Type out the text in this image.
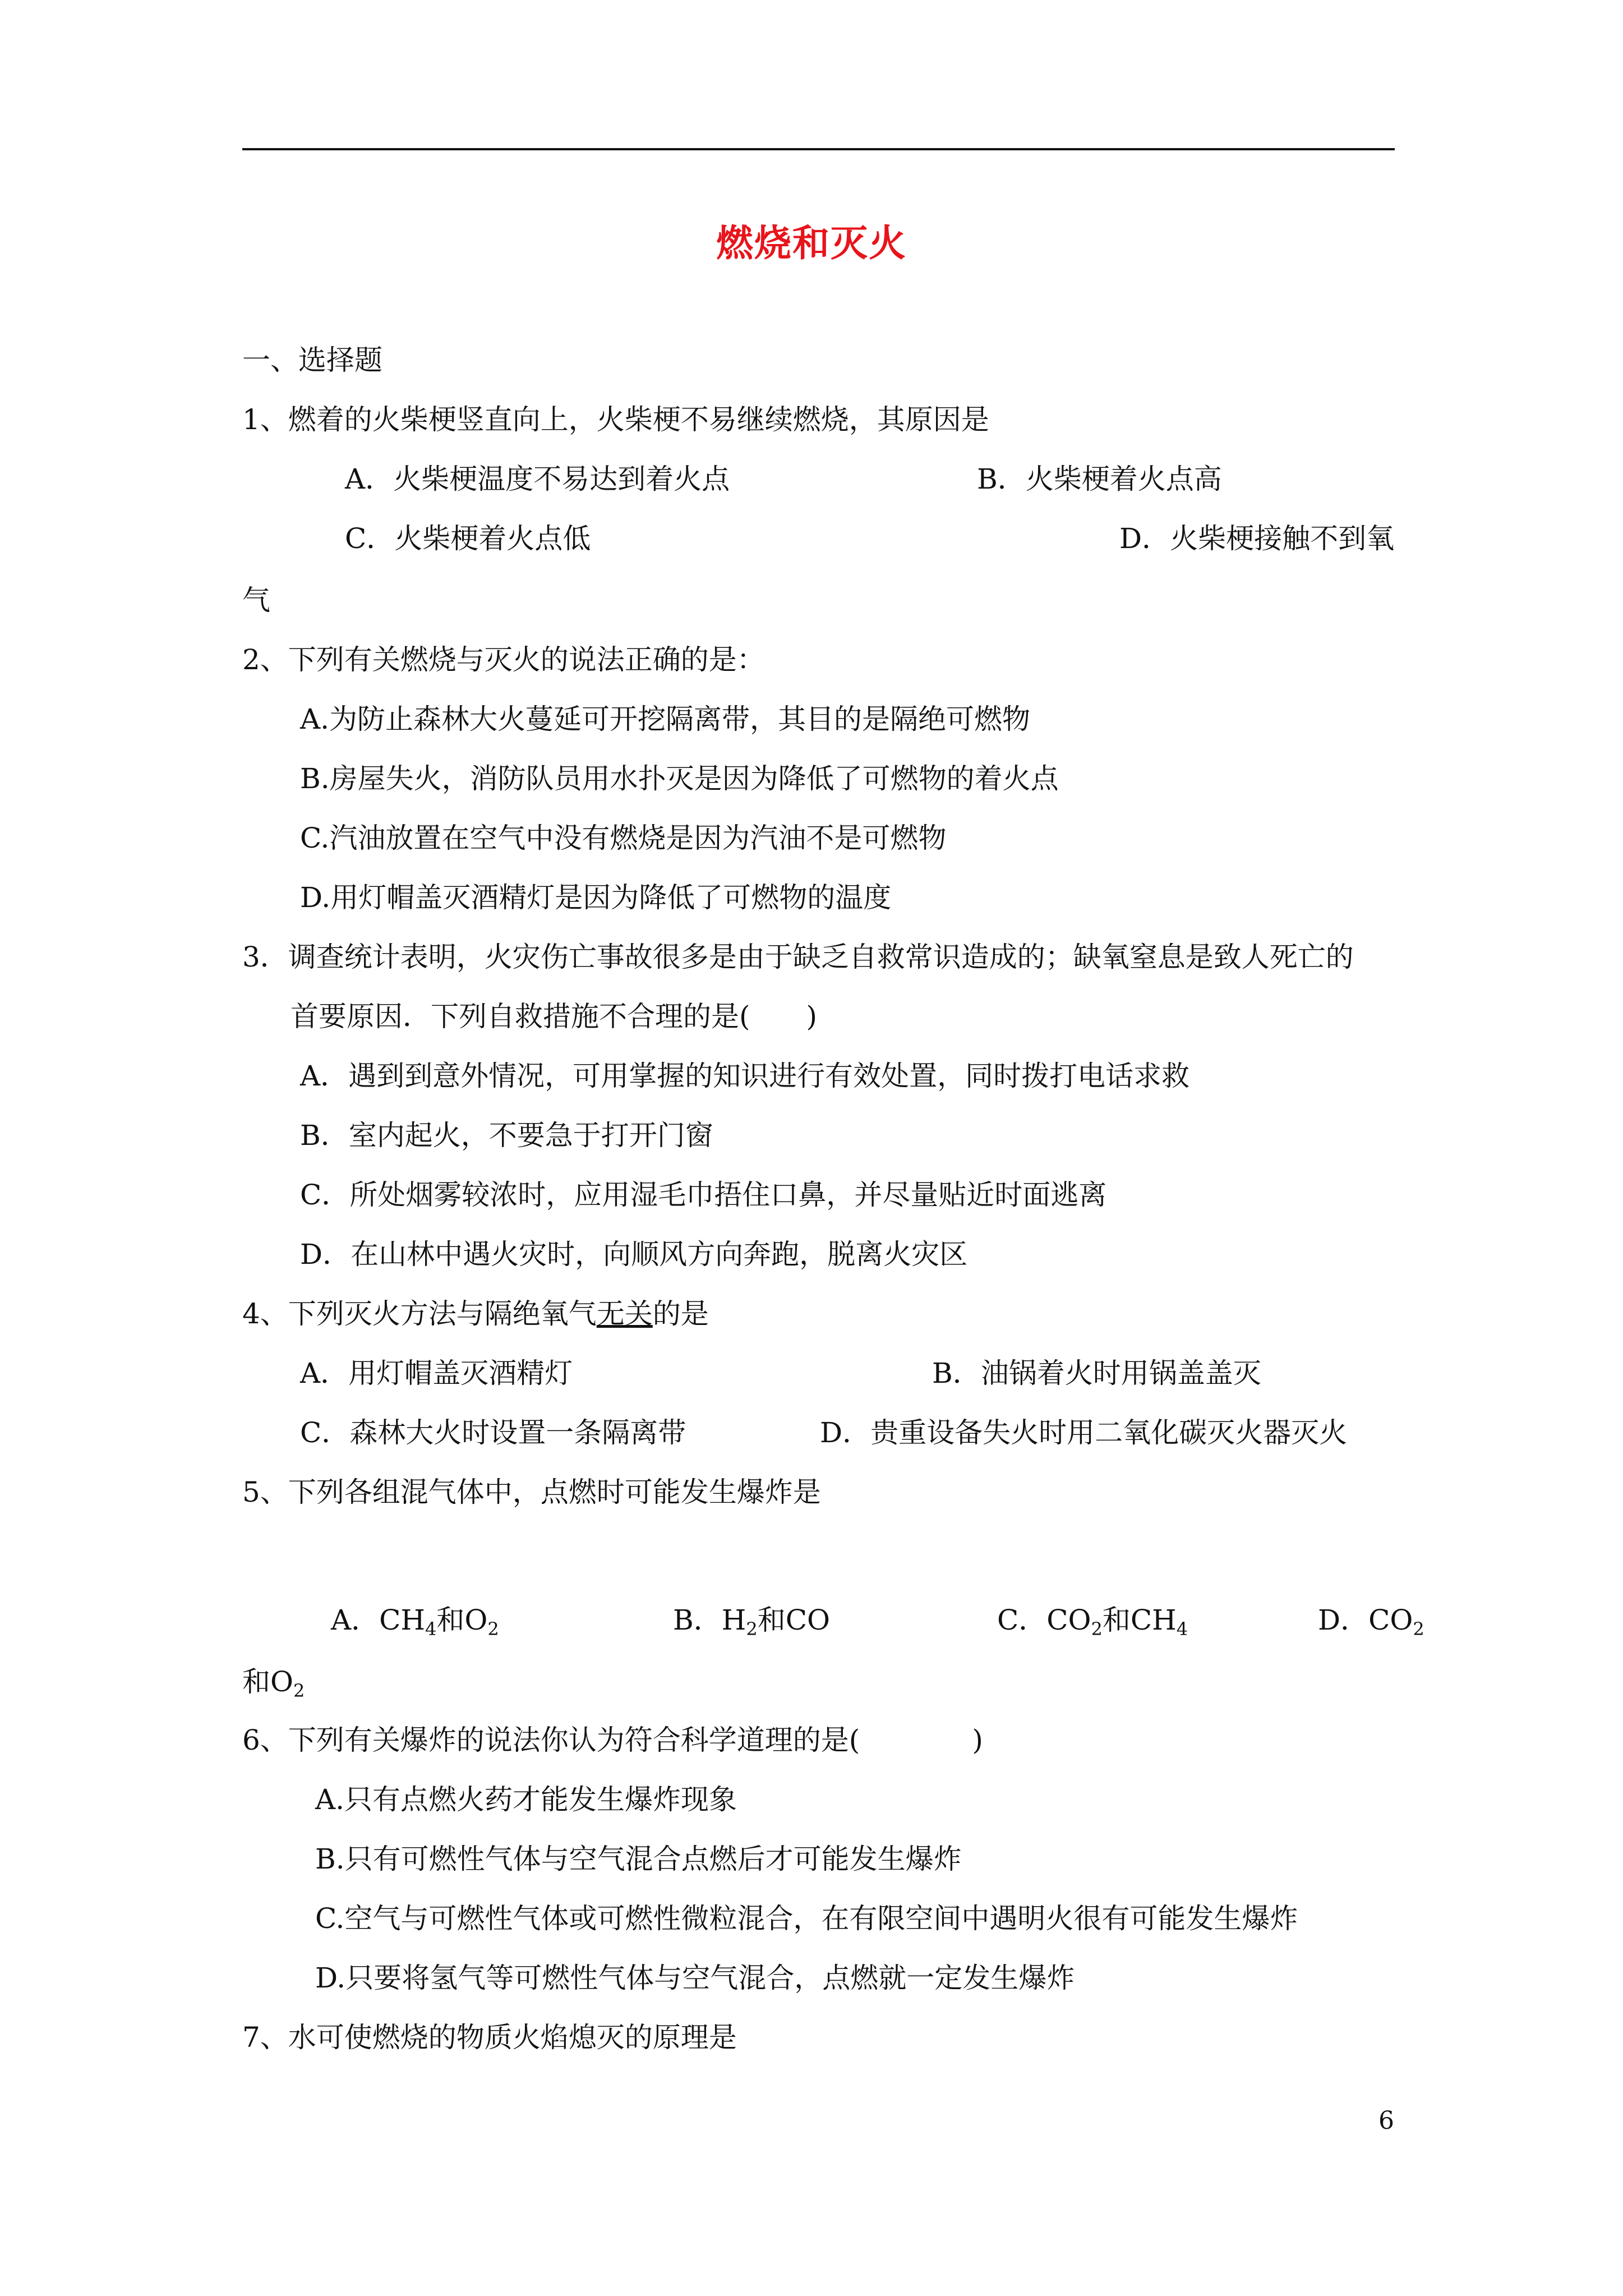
燃烧和灭火
一、选择题
1、燃着的火柴梗竖直向上，火柴梗不易继续燃烧，其原因是
A．火柴梗温度不易达到着火点	B．火柴梗着火点高
C．火柴梗着火点低	D．火柴梗接触不到氧
气
2、下列有关燃烧与灭火的说法正确的是：
A.为防止森林大火蔓延可开挖隔离带，其目的是隔绝可燃物
B.房屋失火，消防队员用水扑灭是因为降低了可燃物的着火点
C.汽油放置在空气中没有燃烧是因为汽油不是可燃物
D.用灯帽盖灭酒精灯是因为降低了可燃物的温度
3．调查统计表明，火灾伤亡事故很多是由于缺乏自救常识造成的；缺氧窒息是致人死亡的
首要原因．下列自救措施不合理的是(　　)
A．遇到到意外情况，可用掌握的知识进行有效处置，同时拨打电话求救
B．室内起火，不要急于打开门窗
C．所处烟雾较浓时，应用湿毛巾捂住口鼻，并尽量贴近时面逃离
D．在山林中遇火灾时，向顺风方向奔跑，脱离火灾区
4、下列灭火方法与隔绝氧气无关的是
A．用灯帽盖灭酒精灯	B．油锅着火时用锅盖盖灭
C．森林大火时设置一条隔离带	D．贵重设备失火时用二氧化碳灭火器灭火
5、下列各组混气体中，点燃时可能发生爆炸是
A．$CH_4$和$O_2$	B．$H_2$和CO	C．$CO_2$和$CH_4$	D．$CO_2$
和$O_2$
6、下列有关爆炸的说法你认为符合科学道理的是(　　　　)
A.只有点燃火药才能发生爆炸现象
B.只有可燃性气体与空气混合点燃后才可能发生爆炸
C.空气与可燃性气体或可燃性微粒混合，在有限空间中遇明火很有可能发生爆炸
D.只要将氢气等可燃性气体与空气混合，点燃就一定发生爆炸
7、水可使燃烧的物质火焰熄灭的原理是
6
